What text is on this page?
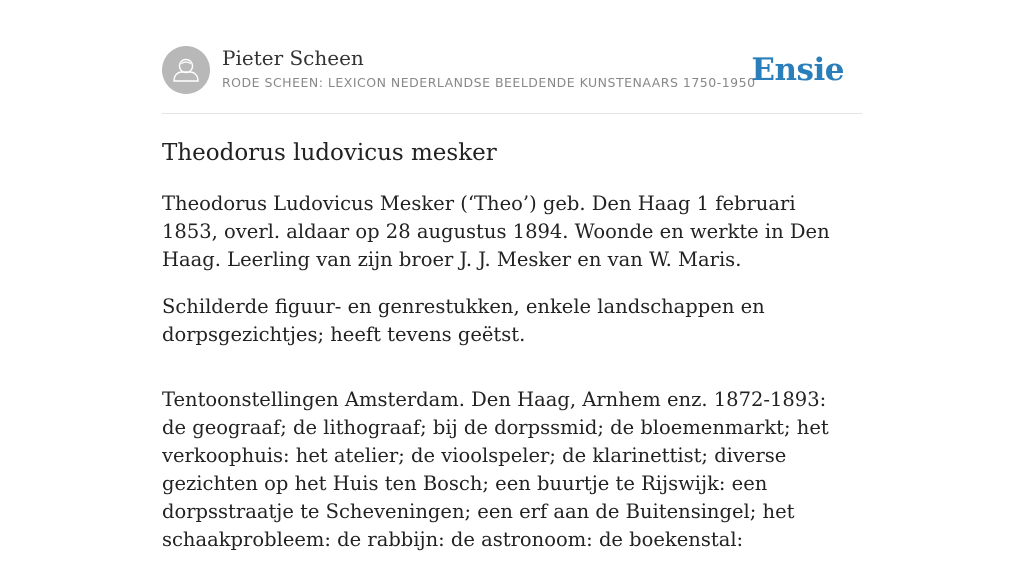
Pieter Scheen
RODE SCHEEN: LEXICON NEDERLANDSE BEELDENDE KUNSTENAARS 1750-1950
Ensie
Theodorus ludovicus mesker

Theodorus Ludovicus Mesker (‘Theo’) geb. Den Haag 1 februari 1853, overl. aldaar op 28 augustus 1894. Woonde en werkte in Den Haag. Leerling van zijn broer J. J. Mesker en van W. Maris.

Schilderde figuur- en genrestukken, enkele landschappen en dorpsgezichtjes; heeft tevens geëtst.

Tentoonstellingen Amsterdam. Den Haag, Arnhem enz. 1872-1893: de geograaf; de lithograaf; bij de dorpssmid; de bloemenmarkt; het verkoophuis: het atelier; de vioolspeler; de klarinettist; diverse gezichten op het Huis ten Bosch; een buurtje te Rijswijk: een dorpsstraatje te Scheveningen; een erf aan de Buitensingel; het schaakprobleem: de rabbijn: de astronoom: de boekenstal:
